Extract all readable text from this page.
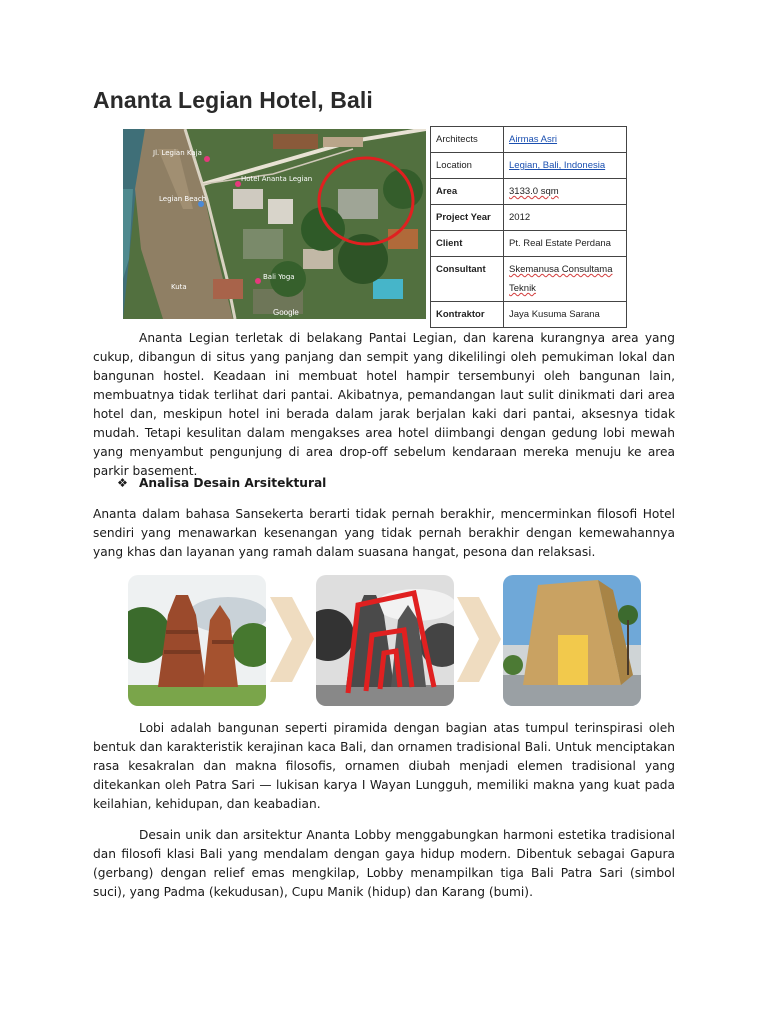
Ananta Legian Hotel, Bali
Jl. Legian Kaja
Legian Beach
Kuta
Hotel Ananta Legian
Bali Yoga
Google
Architects	Airmas Asri
Location	Legian, Bali, Indonesia
Area	3133.0 sqm
Project Year	2012
Client	Pt. Real Estate Perdana
Consultant	Skemanusa Consultama Teknik
Kontraktor	Jaya Kusuma Sarana

Ananta Legian terletak di belakang Pantai Legian, dan karena kurangnya area yang cukup, dibangun di situs yang panjang dan sempit yang dikelilingi oleh pemukiman lokal dan bangunan hostel. Keadaan ini membuat hotel hampir tersembunyi oleh bangunan lain, membuatnya tidak terlihat dari pantai. Akibatnya, pemandangan laut sulit dinikmati dari area hotel dan, meskipun hotel ini berada dalam jarak berjalan kaki dari pantai, aksesnya tidak mudah. Tetapi kesulitan dalam mengakses area hotel diimbangi dengan gedung lobi mewah yang menyambut pengunjung di area drop-off sebelum kendaraan mereka menuju ke area parkir basement.

❖ Analisa Desain Arsitektural

Ananta dalam bahasa Sansekerta berarti tidak pernah berakhir, mencerminkan filosofi Hotel sendiri yang menawarkan kesenangan yang tidak pernah berakhir dengan kemewahannya yang khas dan layanan yang ramah dalam suasana hangat, pesona dan relaksasi.

Lobi adalah bangunan seperti piramida dengan bagian atas tumpul terinspirasi oleh bentuk dan karakteristik kerajinan kaca Bali, dan ornamen tradisional Bali. Untuk menciptakan rasa kesakralan dan makna filosofis, ornamen diubah menjadi elemen tradisional yang ditekankan oleh Patra Sari — lukisan karya I Wayan Lungguh, memiliki makna yang kuat pada keilahian, kehidupan, dan keabadian.

Desain unik dan arsitektur Ananta Lobby menggabungkan harmoni estetika tradisional dan filosofi klasi Bali yang mendalam dengan gaya hidup modern. Dibentuk sebagai Gapura (gerbang) dengan relief emas mengkilap, Lobby menampilkan tiga Bali Patra Sari (simbol suci), yang Padma (kekudusan), Cupu Manik (hidup) dan Karang (bumi).
